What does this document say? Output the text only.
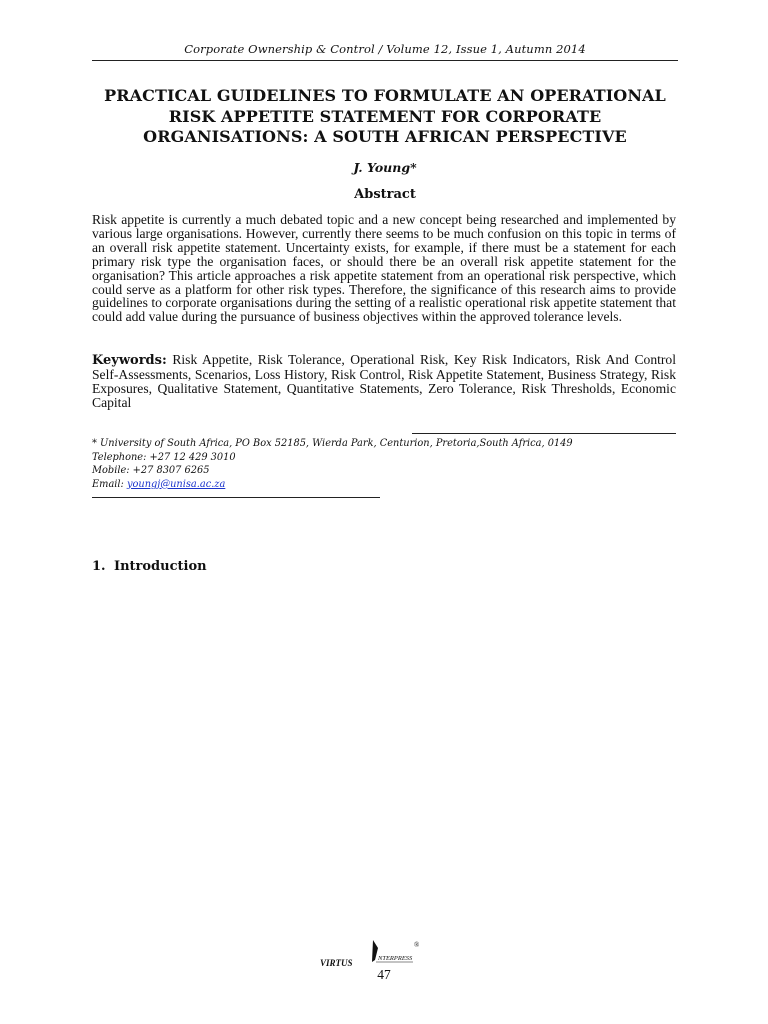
Corporate Ownership & Control / Volume 12, Issue 1, Autumn 2014
PRACTICAL GUIDELINES TO FORMULATE AN OPERATIONAL
RISK APPETITE STATEMENT FOR CORPORATE
ORGANISATIONS: A SOUTH AFRICAN PERSPECTIVE
J. Young*
Abstract
Risk appetite is currently a much debated topic and a new concept being researched and implemented by various large organisations. However, currently there seems to be much confusion on this topic in terms of an overall risk appetite statement. Uncertainty exists, for example, if there must be a statement for each primary risk type the organisation faces, or should there be an overall risk appetite statement for the organisation? This article approaches a risk appetite statement from an operational risk perspective, which could serve as a platform for other risk types. Therefore, the significance of this research aims to provide guidelines to corporate organisations during the setting of a realistic operational risk appetite statement that could add value during the pursuance of business objectives within the approved tolerance levels.
Keywords: Risk Appetite, Risk Tolerance, Operational Risk, Key Risk Indicators, Risk And Control Self-Assessments, Scenarios, Loss History, Risk Control, Risk Appetite Statement, Business Strategy, Risk Exposures, Qualitative Statement, Quantitative Statements, Zero Tolerance, Risk Thresholds, Economic Capital
* University of South Africa, PO Box 52185, Wierda Park, Centurion, Pretoria,South Africa, 0149
Telephone: +27 12 429 3010
Mobile: +27 8307 6265
Email: youngj@unisa.ac.za
1. Introduction
VIRTUS	NTERPRESS
®
47
